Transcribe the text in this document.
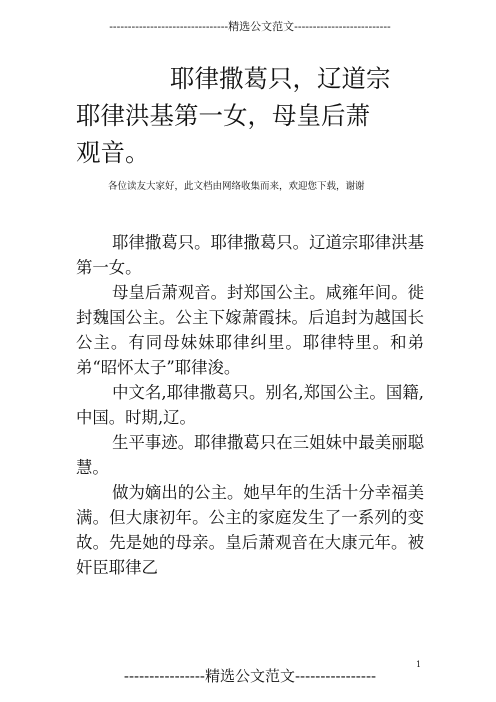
--------------------------------精选公文范文--------------------------
耶律撒葛只，辽道宗
耶律洪基第一女，母皇后萧
观音。
各位读友大家好，此文档由网络收集而来，欢迎您下载，谢谢

耶律撒葛只。耶律撒葛只。辽道宗耶律洪基第一女。

母皇后萧观音。封郑国公主。咸雍年间。徙封魏国公主。公主下嫁萧霞抹。后追封为越国长公主。有同母妹妹耶律纠里。耶律特里。和弟弟“昭怀太子”耶律浚。

中文名,耶律撒葛只。别名,郑国公主。国籍,中国。时期,辽。

生平事迹。耶律撒葛只在三姐妹中最美丽聪慧。

做为嫡出的公主。她早年的生活十分幸福美满。但大康初年。公主的家庭发生了一系列的变故。先是她的母亲。皇后萧观音在大康元年。被奸臣耶律乙

1
----------------精选公文范文----------------
